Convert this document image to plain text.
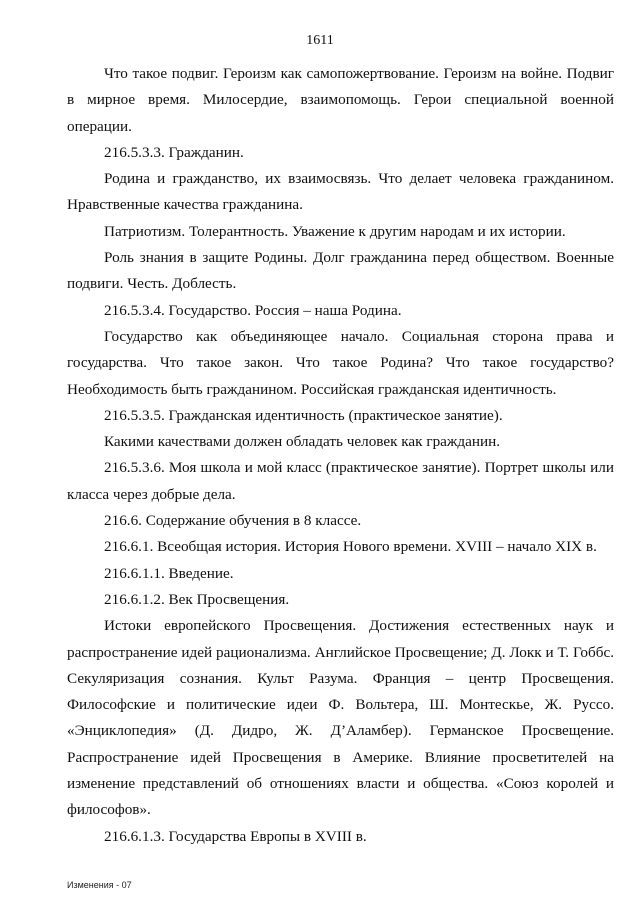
1611

Что такое подвиг. Героизм как самопожертвование. Героизм на войне. Подвиг в мирное время. Милосердие, взаимопомощь. Герои специальной военной операции.

216.5.3.3. Гражданин.

Родина и гражданство, их взаимосвязь. Что делает человека гражданином. Нравственные качества гражданина.

Патриотизм. Толерантность. Уважение к другим народам и их истории.

Роль знания в защите Родины. Долг гражданина перед обществом. Военные подвиги. Честь. Доблесть.

216.5.3.4. Государство. Россия – наша Родина.

Государство как объединяющее начало. Социальная сторона права и государства. Что такое закон. Что такое Родина? Что такое государство? Необходимость быть гражданином. Российская гражданская идентичность.

216.5.3.5. Гражданская идентичность (практическое занятие).

Какими качествами должен обладать человек как гражданин.

216.5.3.6. Моя школа и мой класс (практическое занятие). Портрет школы или класса через добрые дела.

216.6. Содержание обучения в 8 классе.

216.6.1. Всеобщая история. История Нового времени. XVIII – начало XIX в.

216.6.1.1. Введение.

216.6.1.2. Век Просвещения.

Истоки европейского Просвещения. Достижения естественных наук и распространение идей рационализма. Английское Просвещение; Д. Локк и Т. Гоббс. Секуляризация сознания. Культ Разума. Франция – центр Просвещения. Философские и политические идеи Ф. Вольтера, Ш. Монтескье, Ж. Руссо. «Энциклопедия» (Д. Дидро, Ж. Д’Аламбер). Германское Просвещение. Распространение идей Просвещения в Америке. Влияние просветителей на изменение представлений об отношениях власти и общества. «Союз королей и философов».

216.6.1.3. Государства Европы в XVIII в.

Изменения - 07
